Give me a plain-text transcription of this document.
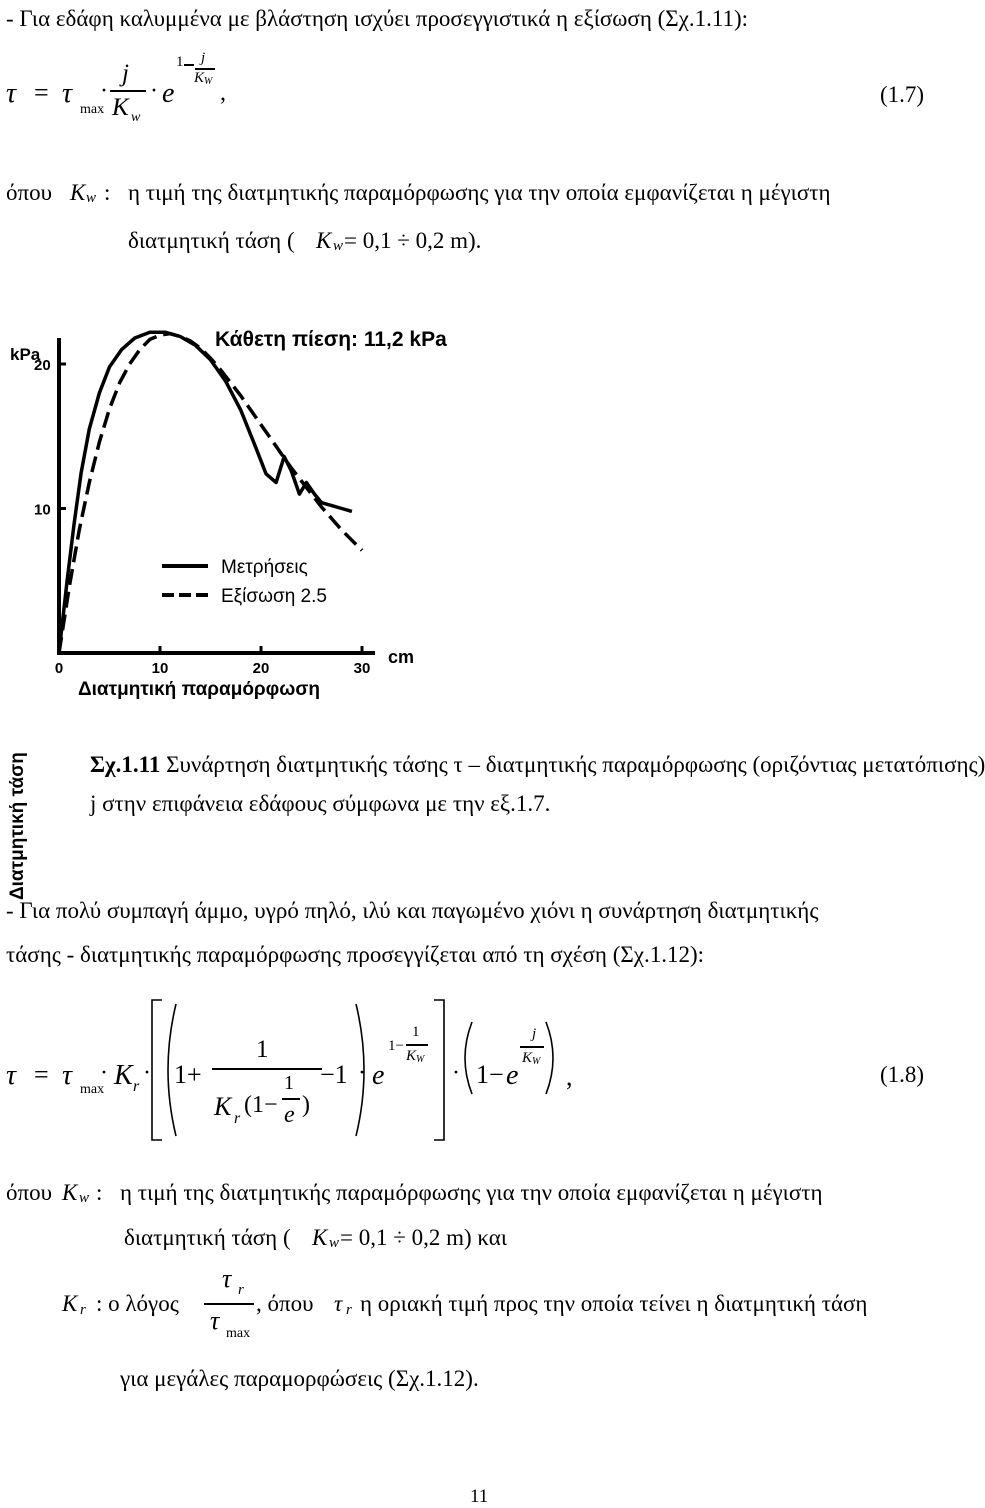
- Για εδάφη καλυμμένα με βλάστηση ισχύει προσεγγιστικά η εξίσωση (Σχ.1.11):
τ = τ
max
·
j
K w
· e
1 j
K W ,	(1.7)
όπου K w : η τιμή της διατμητικής παραμόρφωσης για την οποία εμφανίζεται η μέγιστη
διατμητική τάση ( K w = 0,1 ÷ 0,2 m).
Κάθετη πίεση: 11,2 kPa
kPa
Διατμητική τάση
10
20
0	10	20	30
cm
Διατμητική παραμόρφωση
Μετρήσεις
Εξίσωση 2.5
Σχ.1.11 Συνάρτηση διατμητικής τάσης τ – διατμητικής παραμόρφωσης (οριζόντιας μετατόπισης)
j στην επιφάνεια εδάφους σύμφωνα με την εξ.1.7.
- Για πολύ συμπαγή άμμο, υγρό πηλό, ιλύ και παγωμένο χιόνι η συνάρτηση διατμητικής
τάσης - διατμητικής παραμόρφωσης προσεγγίζεται από τη σχέση (Σχ.1.12):
τ = τ max
· K r
· 1+
1
K r
(1−
1
e )
−1 · e
1−
1
K W
· 1− e
j
K W
,	(1.8)
όπου K w : η τιμή της διατμητικής παραμόρφωσης για την οποία εμφανίζεται η μέγιστη
διατμητική τάση ( K w = 0,1 ÷ 0,2 m) και
K r : ο λόγος
τ r
τ max
, όπου τ r η οριακή τιμή προς την οποία τείνει η διατμητική τάση
για μεγάλες παραμορφώσεις (Σχ.1.12).
11
